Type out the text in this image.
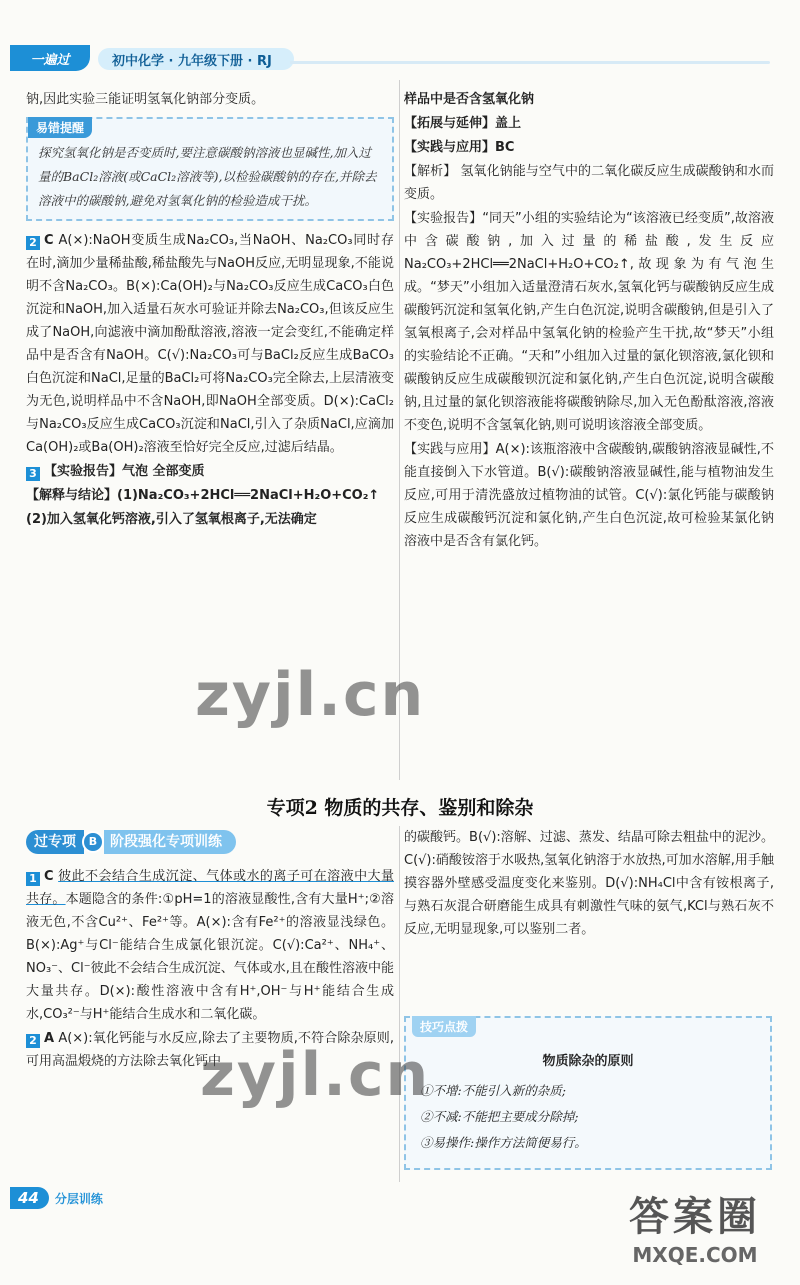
一遍过	初中化学 · 九年级下册 · RJ

钠,因此实验三能证明氢氧化钠部分变质。

易错提醒

探究氢氧化钠是否变质时,要注意碳酸钠溶液也显碱性,加入过量的BaCl₂溶液(或CaCl₂溶液等),以检验碳酸钠的存在,并除去溶液中的碳酸钠,避免对氢氧化钠的检验造成干扰。

2 C A(×):NaOH变质生成Na₂CO₃,当NaOH、Na₂CO₃同时存在时,滴加少量稀盐酸,稀盐酸先与NaOH反应,无明显现象,不能说明不含Na₂CO₃。B(×):Ca(OH)₂与Na₂CO₃反应生成CaCO₃白色沉淀和NaOH,加入适量石灰水可验证并除去Na₂CO₃,但该反应生成了NaOH,向滤液中滴加酚酞溶液,溶液一定会变红,不能确定样品中是否含有NaOH。C(√):Na₂CO₃可与BaCl₂反应生成BaCO₃白色沉淀和NaCl,足量的BaCl₂可将Na₂CO₃完全除去,上层清液变为无色,说明样品中不含NaOH,即NaOH全部变质。D(×):CaCl₂与Na₂CO₃反应生成CaCO₃沉淀和NaCl,引入了杂质NaCl,应滴加Ca(OH)₂或Ba(OH)₂溶液至恰好完全反应,过滤后结晶。

3 【实验报告】气泡 全部变质

【解释与结论】(1)Na₂CO₃+2HCl══2NaCl+H₂O+CO₂↑

(2)加入氢氧化钙溶液,引入了氢氧根离子,无法确定

样品中是否含氢氧化钠

【拓展与延伸】盖上

【实践与应用】BC

【解析】 氢氧化钠能与空气中的二氧化碳反应生成碳酸钠和水而变质。

【实验报告】“同天”小组的实验结论为“该溶液已经变质”,故溶液中含碳酸钠,加入过量的稀盐酸,发生反应Na₂CO₃+2HCl══2NaCl+H₂O+CO₂↑,故现象为有气泡生成。“梦天”小组加入适量澄清石灰水,氢氧化钙与碳酸钠反应生成碳酸钙沉淀和氢氧化钠,产生白色沉淀,说明含碳酸钠,但是引入了氢氧根离子,会对样品中氢氧化钠的检验产生干扰,故“梦天”小组的实验结论不正确。“天和”小组加入过量的氯化钡溶液,氯化钡和碳酸钠反应生成碳酸钡沉淀和氯化钠,产生白色沉淀,说明含碳酸钠,且过量的氯化钡溶液能将碳酸钠除尽,加入无色酚酞溶液,溶液不变色,说明不含氢氧化钠,则可说明该溶液全部变质。

【实践与应用】A(×):该瓶溶液中含碳酸钠,碳酸钠溶液显碱性,不能直接倒入下水管道。B(√):碳酸钠溶液显碱性,能与植物油发生反应,可用于清洗盛放过植物油的试管。C(√):氯化钙能与碳酸钠反应生成碳酸钙沉淀和氯化钠,产生白色沉淀,故可检验某氯化钠溶液中是否含有氯化钙。

专项2 物质的共存、鉴别和除杂
过专项	B 阶段强化专项训练

1 C 彼此不会结合生成沉淀、气体或水的离子可在溶液中大量共存。本题隐含的条件:①pH=1的溶液显酸性,含有大量H⁺;②溶液无色,不含Cu²⁺、Fe²⁺等。A(×):含有Fe²⁺的溶液显浅绿色。B(×):Ag⁺与Cl⁻能结合生成氯化银沉淀。C(√):Ca²⁺、NH₄⁺、NO₃⁻、Cl⁻彼此不会结合生成沉淀、气体或水,且在酸性溶液中能大量共存。D(×):酸性溶液中含有H⁺,OH⁻与H⁺能结合生成水,CO₃²⁻与H⁺能结合生成水和二氧化碳。

2 A A(×):氧化钙能与水反应,除去了主要物质,不符合除杂原则,可用高温煅烧的方法除去氧化钙中

的碳酸钙。B(√):溶解、过滤、蒸发、结晶可除去粗盐中的泥沙。C(√):硝酸铵溶于水吸热,氢氧化钠溶于水放热,可加水溶解,用手触摸容器外壁感受温度变化来鉴别。D(√):NH₄Cl中含有铵根离子,与熟石灰混合研磨能生成具有刺激性气味的氨气,KCl与熟石灰不反应,无明显现象,可以鉴别二者。

技巧点拨
物质除杂的原则

①不增:不能引入新的杂质;

②不减:不能把主要成分除掉;

③易操作:操作方法简便易行。

44	分层训练
zyjl.cn
zyjl.cn
答案圈
MXQE.COM
